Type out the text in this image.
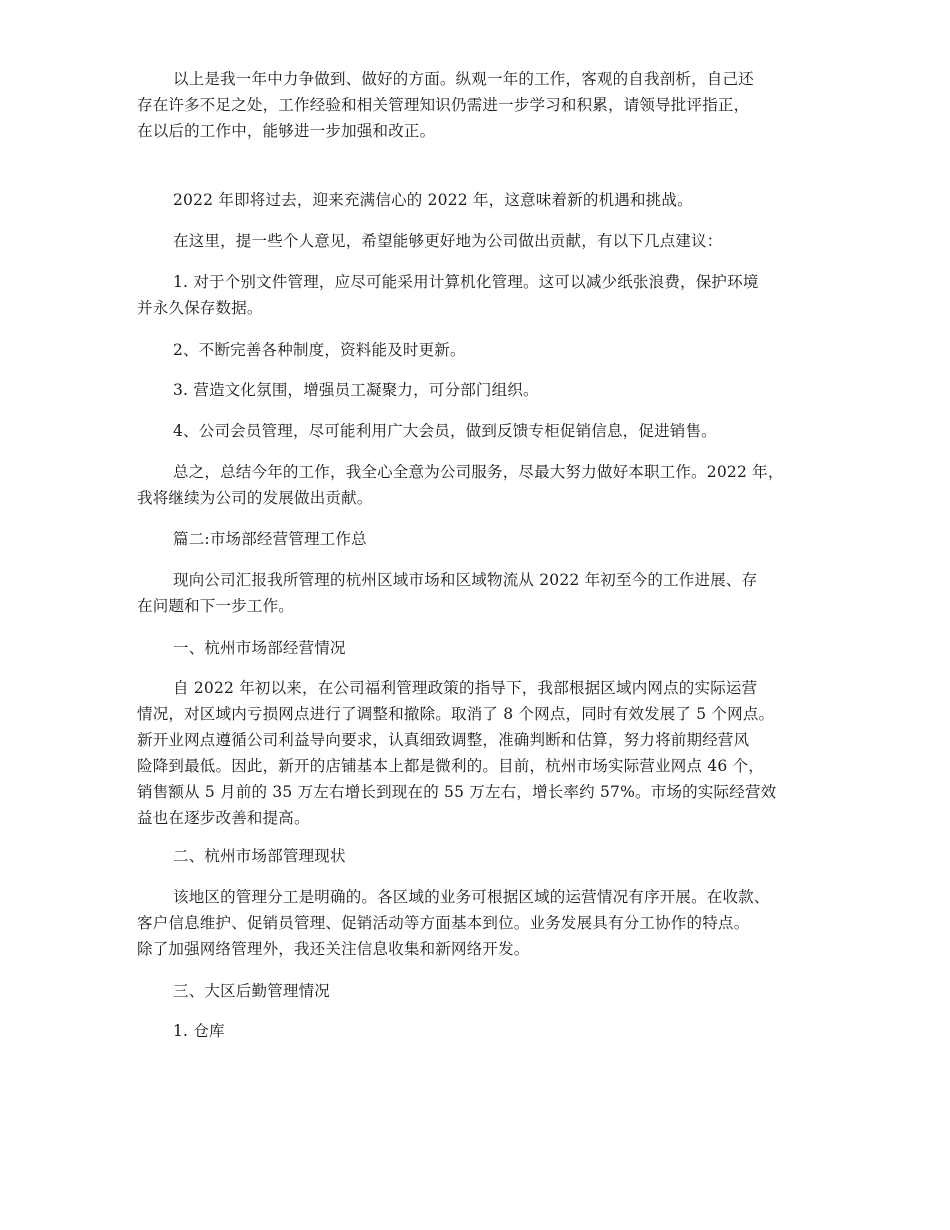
以上是我一年中力争做到、做好的方面。纵观一年的工作，客观的自我剖析，自己还
存在许多不足之处，工作经验和相关管理知识仍需进一步学习和积累，请领导批评指正，
在以后的工作中，能够进一步加强和改正。

2022 年即将过去，迎来充满信心的 2022 年，这意味着新的机遇和挑战。

在这里，提一些个人意见，希望能够更好地为公司做出贡献，有以下几点建议：

1. 对于个别文件管理，应尽可能采用计算机化管理。这可以减少纸张浪费，保护环境
并永久保存数据。

2、不断完善各种制度，资料能及时更新。

3. 营造文化氛围，增强员工凝聚力，可分部门组织。

4、公司会员管理，尽可能利用广大会员，做到反馈专柜促销信息，促进销售。

总之，总结今年的工作，我全心全意为公司服务，尽最大努力做好本职工作。2022 年，
我将继续为公司的发展做出贡献。

篇二:市场部经营管理工作总

现向公司汇报我所管理的杭州区域市场和区域物流从 2022 年初至今的工作进展、存
在问题和下一步工作。

一、杭州市场部经营情况

自 2022 年初以来，在公司福利管理政策的指导下，我部根据区域内网点的实际运营
情况，对区域内亏损网点进行了调整和撤除。取消了 8 个网点，同时有效发展了 5 个网点。
新开业网点遵循公司利益导向要求，认真细致调整，准确判断和估算，努力将前期经营风
险降到最低。因此，新开的店铺基本上都是微利的。目前，杭州市场实际营业网点 46 个，
销售额从 5 月前的 35 万左右增长到现在的 55 万左右，增长率约 57%。市场的实际经营效
益也在逐步改善和提高。

二、杭州市场部管理现状

该地区的管理分工是明确的。各区域的业务可根据区域的运营情况有序开展。在收款、
客户信息维护、促销员管理、促销活动等方面基本到位。业务发展具有分工协作的特点。
除了加强网络管理外，我还关注信息收集和新网络开发。

三、大区后勤管理情况

1. 仓库
